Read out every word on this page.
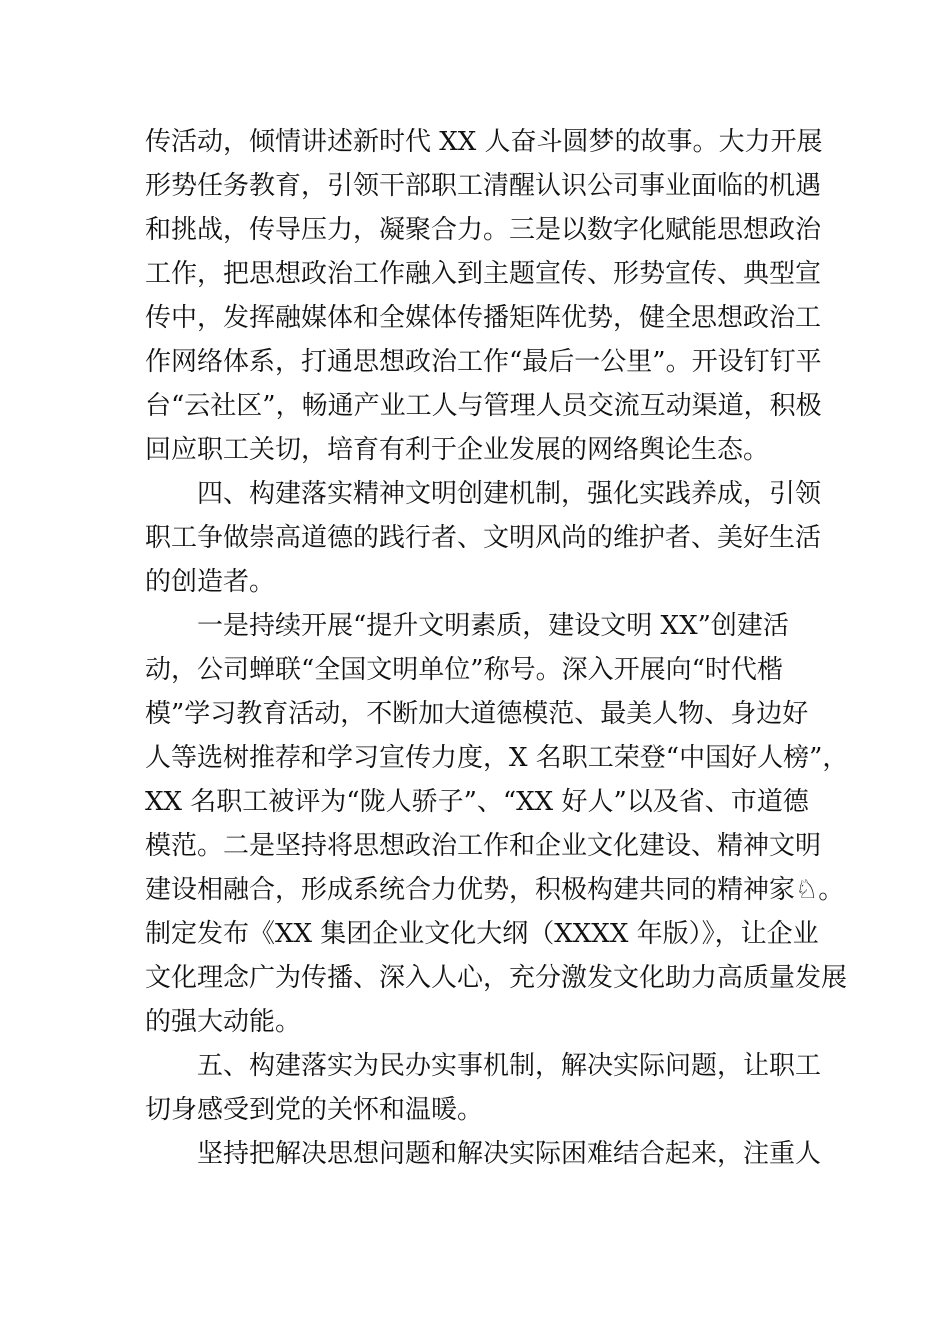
传活动，倾情讲述新时代 XX 人奋斗圆梦的故事。大力开展
形势任务教育，引领干部职工清醒认识公司事业面临的机遇
和挑战，传导压力，凝聚合力。三是以数字化赋能思想政治
工作，把思想政治工作融入到主题宣传、形势宣传、典型宣
传中，发挥融媒体和全媒体传播矩阵优势，健全思想政治工
作网络体系，打通思想政治工作“最后一公里”。开设钉钉平
台“云社区”，畅通产业工人与管理人员交流互动渠道，积极
回应职工关切，培育有利于企业发展的网络舆论生态。
四、构建落实精神文明创建机制，强化实践养成，引领
职工争做崇高道德的践行者、文明风尚的维护者、美好生活
的创造者。
一是持续开展“提升文明素质，建设文明 XX”创建活
动，公司蝉联“全国文明单位”称号。深入开展向“时代楷
模”学习教育活动，不断加大道德模范、最美人物、身边好
人等选树推荐和学习宣传力度，X 名职工荣登“中国好人榜”，
XX 名职工被评为“陇人骄子”、“XX 好人”以及省、市道德
模范。二是坚持将思想政治工作和企业文化建设、精神文明
建设相融合，形成系统合力优势，积极构建共同的精神家♘。
制定发布《XX 集团企业文化大纲（XXXX 年版）》，让企业
文化理念广为传播、深入人心，充分激发文化助力高质量发展
的强大动能。
五、构建落实为民办实事机制，解决实际问题，让职工
切身感受到党的关怀和温暖。
坚持把解决思想问题和解决实际困难结合起来，注重人
